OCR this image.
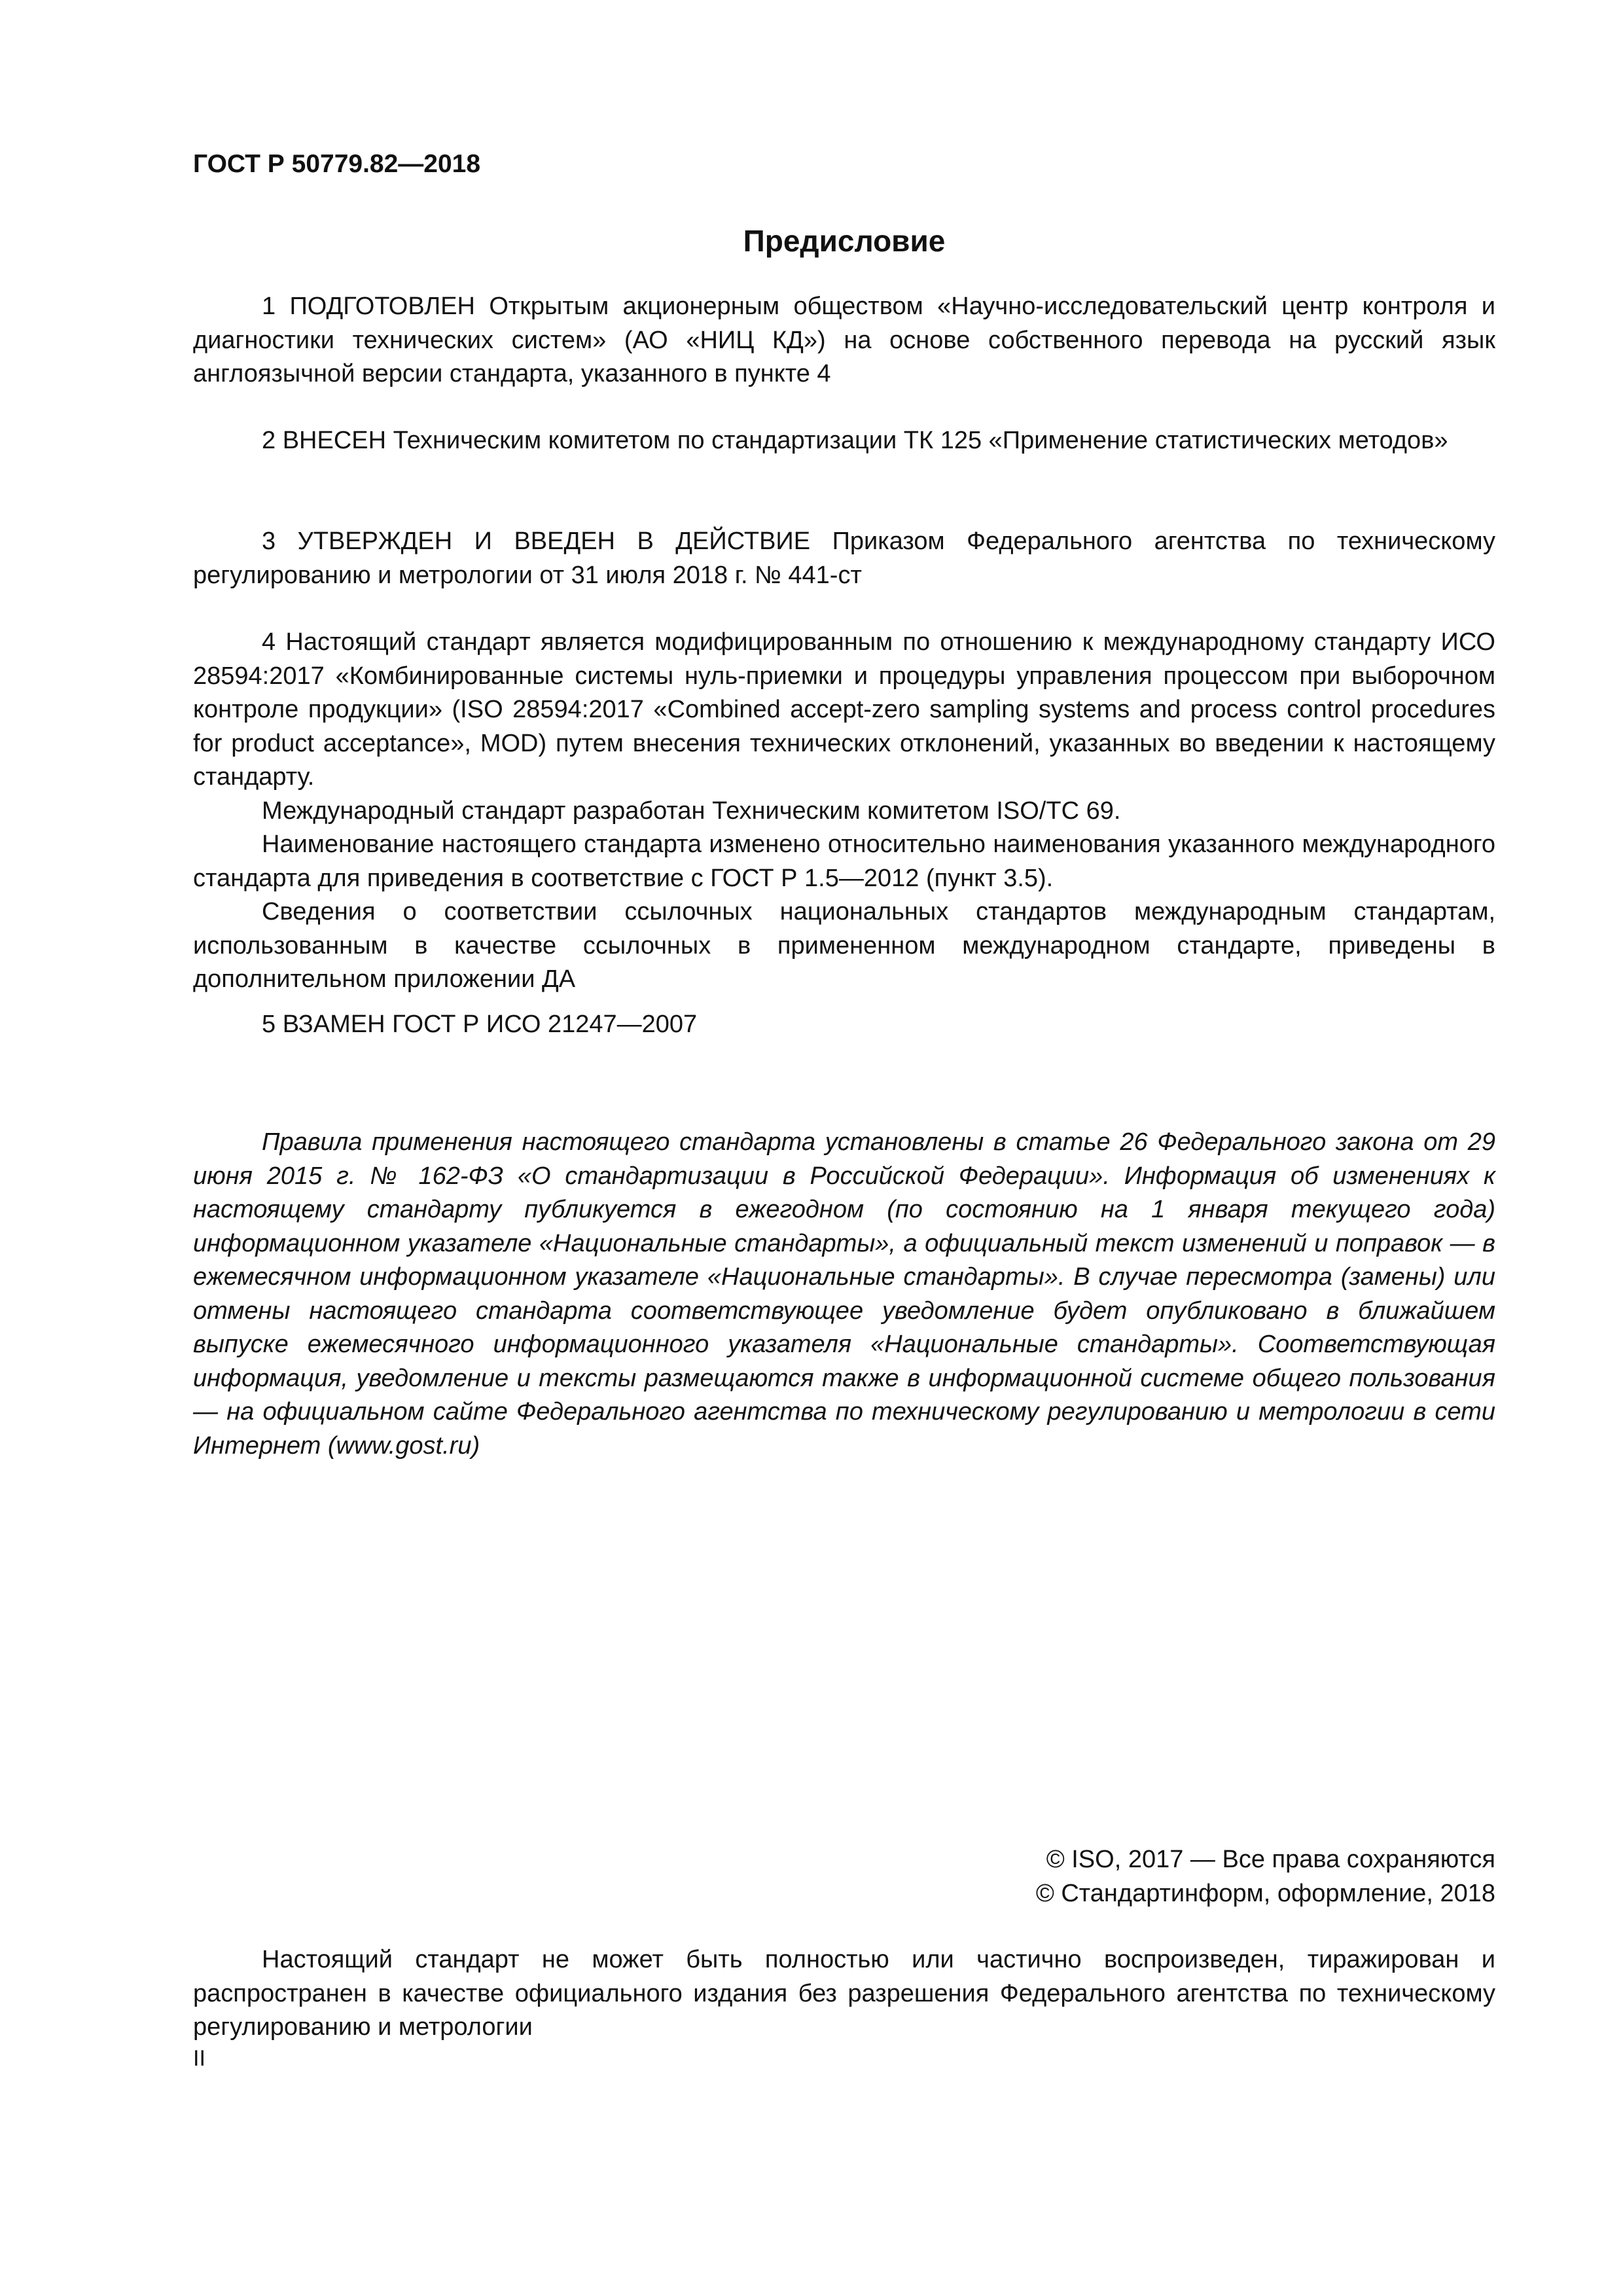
ГОСТ Р 50779.82—2018
Предисловие

1 ПОДГОТОВЛЕН Открытым акционерным обществом «Научно-исследовательский центр контроля и диагностики технических систем» (АО «НИЦ КД») на основе собственного перевода на русский язык англоязычной версии стандарта, указанного в пункте 4

2 ВНЕСЕН Техническим комитетом по стандартизации ТК 125 «Применение статистических методов»

3 УТВЕРЖДЕН И ВВЕДЕН В ДЕЙСТВИЕ Приказом Федерального агентства по техническому регулированию и метрологии от 31 июля 2018 г. № 441-ст

4 Настоящий стандарт является модифицированным по отношению к международному стандарту ИСО 28594:2017 «Комбинированные системы нуль-приемки и процедуры управления процессом при выборочном контроле продукции» (ISO 28594:2017 «Combined accept-zero sampling systems and process control procedures for product acceptance», MOD) путем внесения технических отклонений, указанных во введении к настоящему стандарту.

Международный стандарт разработан Техническим комитетом ISO/TC 69.

Наименование настоящего стандарта изменено относительно наименования указанного международного стандарта для приведения в соответствие с ГОСТ Р 1.5—2012 (пункт 3.5).

Сведения о соответствии ссылочных национальных стандартов международным стандартам, использованным в качестве ссылочных в примененном международном стандарте, приведены в дополнительном приложении ДА

5 ВЗАМЕН ГОСТ Р ИСО 21247—2007

Правила применения настоящего стандарта установлены в статье 26 Федерального закона от 29 июня 2015 г. № 162-ФЗ «О стандартизации в Российской Федерации». Информация об изменениях к настоящему стандарту публикуется в ежегодном (по состоянию на 1 января текущего года) информационном указателе «Национальные стандарты», а официальный текст изменений и поправок — в ежемесячном информационном указателе «Национальные стандарты». В случае пересмотра (замены) или отмены настоящего стандарта соответствующее уведомление будет опубликовано в ближайшем выпуске ежемесячного информационного указателя «Национальные стандарты». Соответствующая информация, уведомление и тексты размещаются также в информационной системе общего пользования — на официальном сайте Федерального агентства по техническому регулированию и метрологии в сети Интернет (www.gost.ru)

© ISO, 2017 — Все права сохраняются
© Стандартинформ, оформление, 2018

Настоящий стандарт не может быть полностью или частично воспроизведен, тиражирован и распространен в качестве официального издания без разрешения Федерального агентства по техническому регулированию и метрологии

II
